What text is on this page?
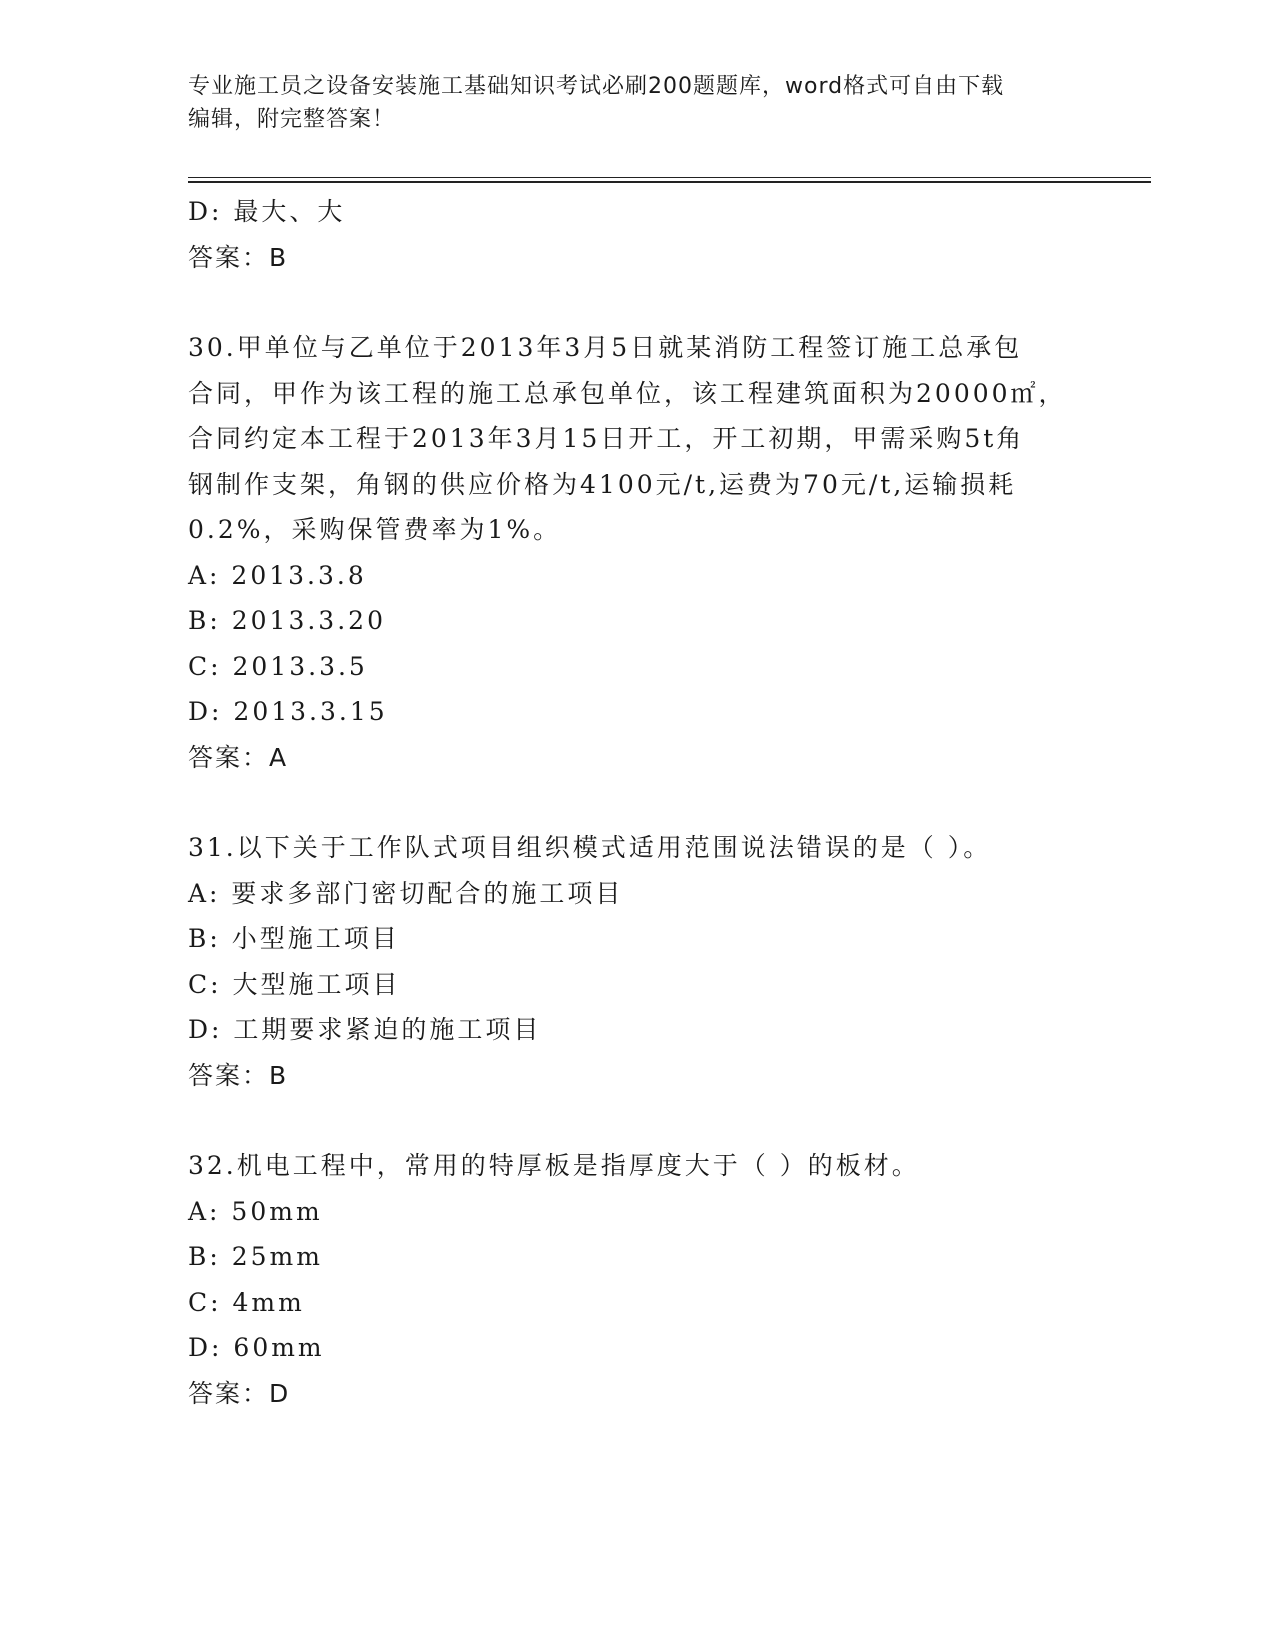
专业施工员之设备安装施工基础知识考试必刷200题题库，word格式可自由下载
编辑，附完整答案！
D: 最大、大
答案：B
30.甲单位与乙单位于2013年3月5日就某消防工程签订施工总承包
合同，甲作为该工程的施工总承包单位，该工程建筑面积为20000㎡，
合同约定本工程于2013年3月15日开工，开工初期，甲需采购5t角
钢制作支架，角钢的供应价格为4100元/t,运费为70元/t,运输损耗
0.2%，采购保管费率为1%。
A: 2013.3.8
B: 2013.3.20
C: 2013.3.5
D: 2013.3.15
答案：A
31.以下关于工作队式项目组织模式适用范围说法错误的是（ ）。
A: 要求多部门密切配合的施工项目
B: 小型施工项目
C: 大型施工项目
D: 工期要求紧迫的施工项目
答案：B
32.机电工程中，常用的特厚板是指厚度大于（ ）的板材。
A: 50mm
B: 25mm
C: 4mm
D: 60mm
答案：D
